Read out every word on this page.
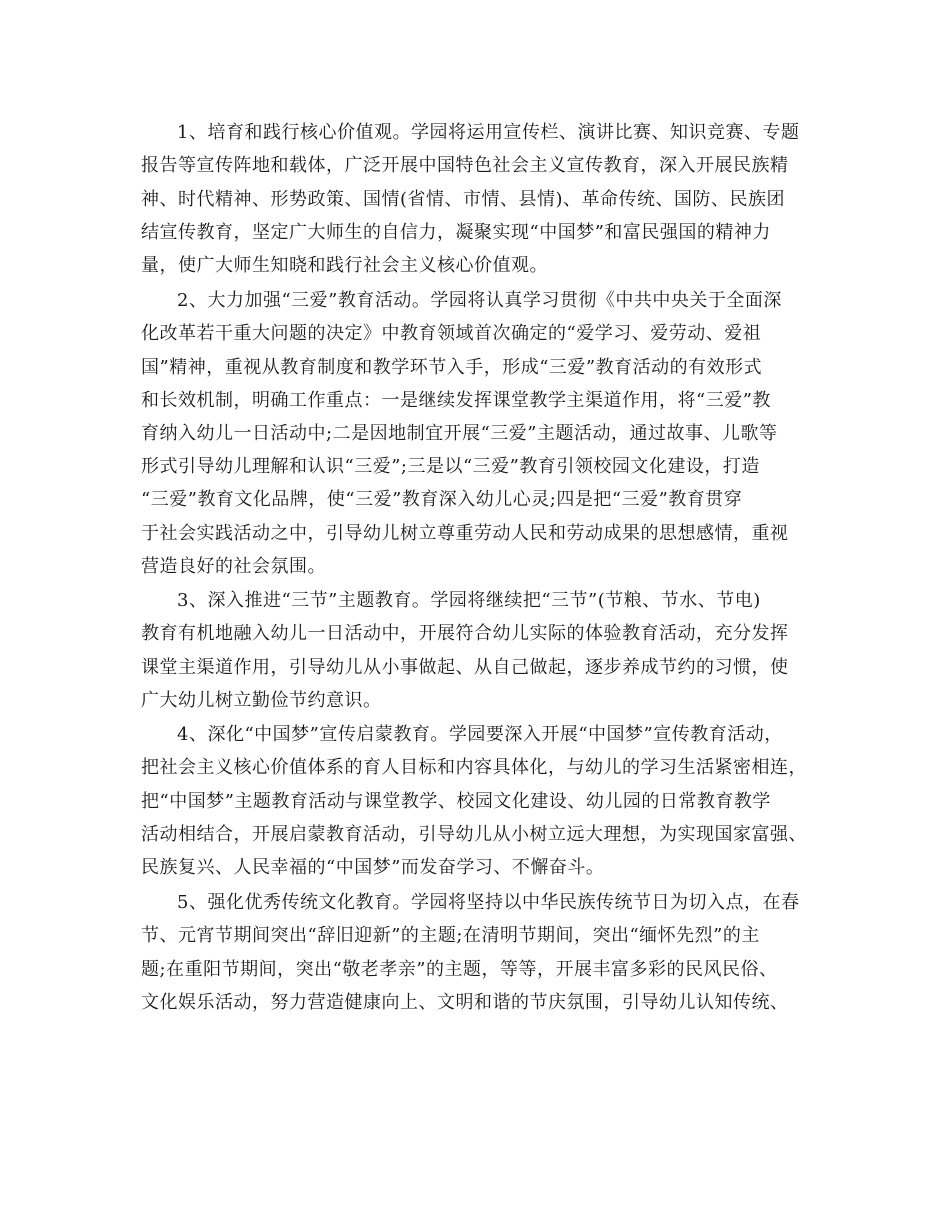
1、培育和践行核心价值观。学园将运用宣传栏、演讲比赛、知识竞赛、专题
报告等宣传阵地和载体，广泛开展中国特色社会主义宣传教育，深入开展民族精
神、时代精神、形势政策、国情(省情、市情、县情)、革命传统、国防、民族团
结宣传教育，坚定广大师生的自信力，凝聚实现“中国梦”和富民强国的精神力
量，使广大师生知晓和践行社会主义核心价值观。
2、大力加强“三爱”教育活动。学园将认真学习贯彻《中共中央关于全面深
化改革若干重大问题的决定》中教育领域首次确定的“爱学习、爱劳动、爱祖
国”精神，重视从教育制度和教学环节入手，形成“三爱”教育活动的有效形式
和长效机制，明确工作重点：一是继续发挥课堂教学主渠道作用，将“三爱”教
育纳入幼儿一日活动中;二是因地制宜开展“三爱”主题活动，通过故事、儿歌等
形式引导幼儿理解和认识“三爱”;三是以“三爱”教育引领校园文化建设，打造
“三爱”教育文化品牌，使“三爱”教育深入幼儿心灵;四是把“三爱”教育贯穿
于社会实践活动之中，引导幼儿树立尊重劳动人民和劳动成果的思想感情，重视
营造良好的社会氛围。
3、深入推进“三节”主题教育。学园将继续把“三节”(节粮、节水、节电)
教育有机地融入幼儿一日活动中，开展符合幼儿实际的体验教育活动，充分发挥
课堂主渠道作用，引导幼儿从小事做起、从自己做起，逐步养成节约的习惯，使
广大幼儿树立勤俭节约意识。
4、深化“中国梦”宣传启蒙教育。学园要深入开展“中国梦”宣传教育活动，
把社会主义核心价值体系的育人目标和内容具体化，与幼儿的学习生活紧密相连，
把“中国梦”主题教育活动与课堂教学、校园文化建设、幼儿园的日常教育教学
活动相结合，开展启蒙教育活动，引导幼儿从小树立远大理想，为实现国家富强、
民族复兴、人民幸福的“中国梦”而发奋学习、不懈奋斗。
5、强化优秀传统文化教育。学园将坚持以中华民族传统节日为切入点，在春
节、元宵节期间突出“辞旧迎新”的主题;在清明节期间，突出“缅怀先烈”的主
题;在重阳节期间，突出“敬老孝亲”的主题，等等，开展丰富多彩的民风民俗、
文化娱乐活动，努力营造健康向上、文明和谐的节庆氛围，引导幼儿认知传统、
